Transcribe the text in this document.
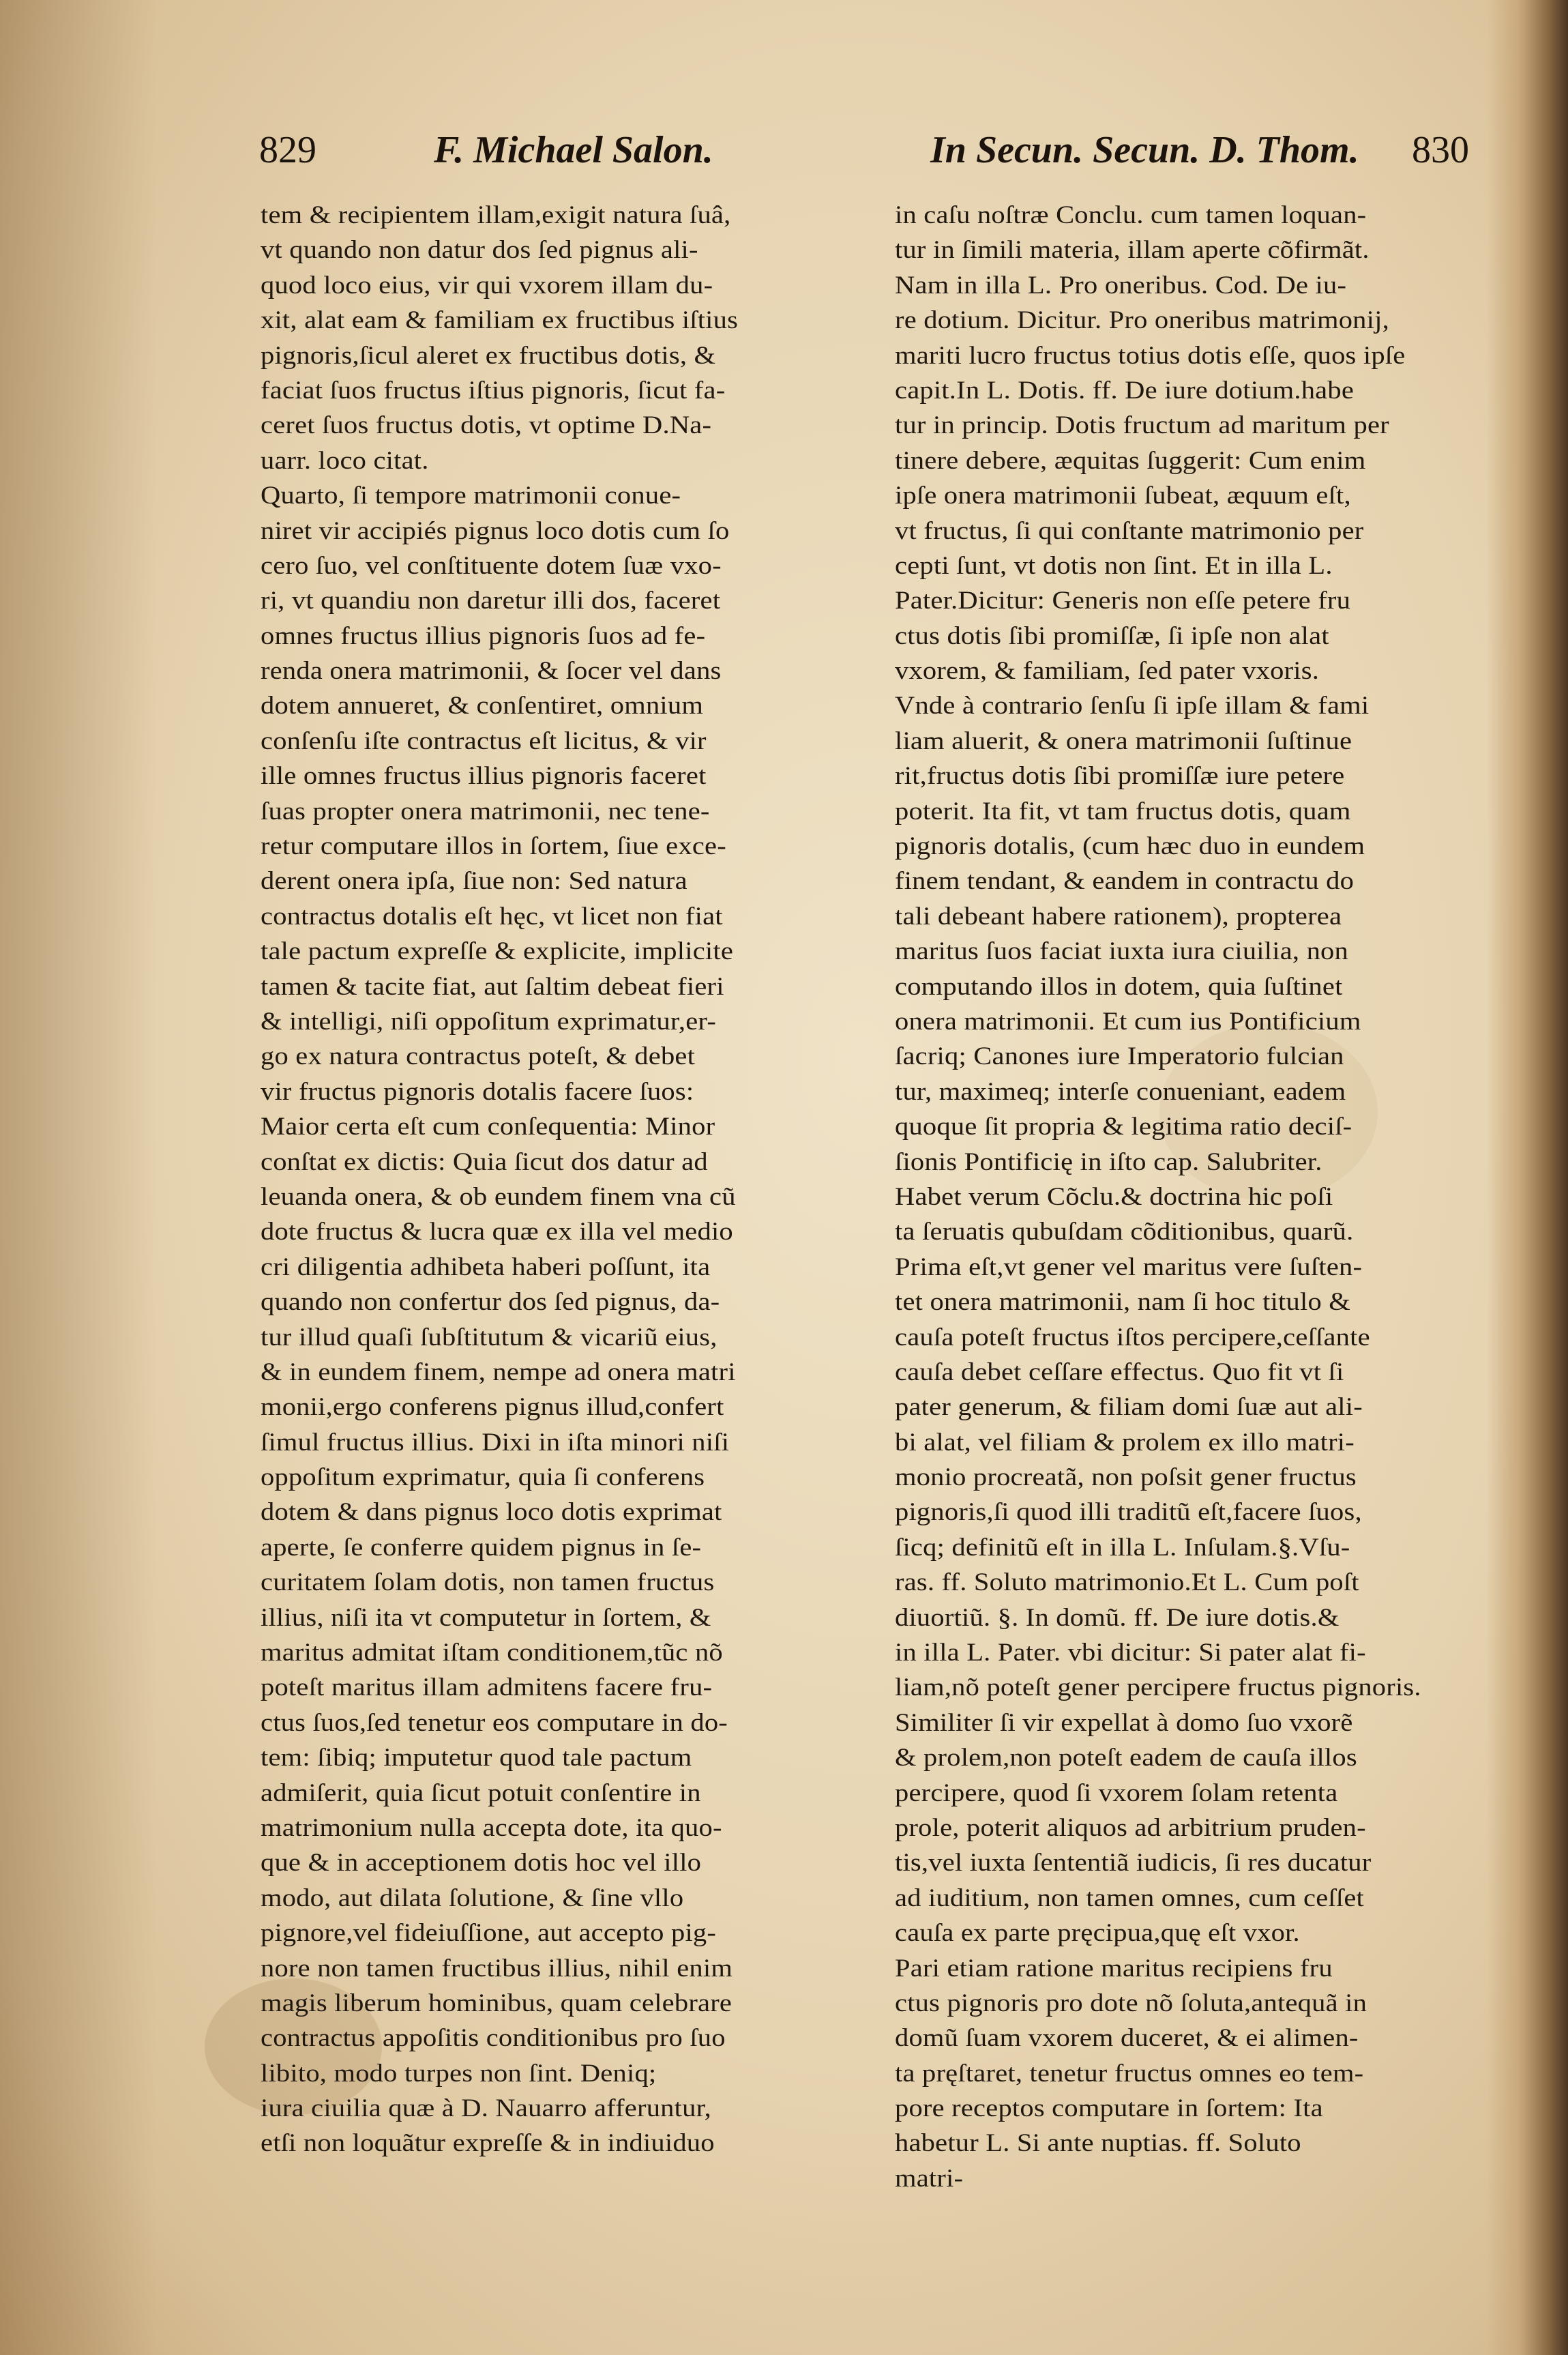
829	F. Michael Salon.	In Secun. Secun. D. Thom. 830
tem & recipientem illam,exigit natura ſuâ,
vt quando non datur dos ſed pignus ali-
quod loco eius, vir qui vxorem illam du-
xit, alat eam & familiam ex fructibus iſtius
pignoris,ſicul aleret ex fructibus dotis, &
faciat ſuos fructus iſtius pignoris, ſicut fa-
ceret ſuos fructus dotis, vt optime D.Na-
uarr. loco citat.
Quarto, ſi tempore matrimonii conue-
niret vir accipiés pignus loco dotis cum ſo
cero ſuo, vel conſtituente dotem ſuæ vxo-
ri, vt quandiu non daretur illi dos, faceret
omnes fructus illius pignoris ſuos ad fe-
renda onera matrimonii, & ſocer vel dans
dotem annueret, & conſentiret, omnium
conſenſu iſte contractus eſt licitus, & vir
ille omnes fructus illius pignoris faceret
ſuas propter onera matrimonii, nec tene-
retur computare illos in ſortem, ſiue exce-
derent onera ipſa, ſiue non: Sed natura
contractus dotalis eſt hęc, vt licet non fiat
tale pactum expreſſe & explicite, implicite
tamen & tacite fiat, aut ſaltim debeat fieri
& intelligi, niſi oppoſitum exprimatur,er-
go ex natura contractus poteſt, & debet
vir fructus pignoris dotalis facere ſuos:
Maior certa eſt cum conſequentia: Minor
conſtat ex dictis: Quia ſicut dos datur ad
leuanda onera, & ob eundem finem vna cũ
dote fructus & lucra quæ ex illa vel medio
cri diligentia adhibeta haberi poſſunt, ita
quando non confertur dos ſed pignus, da-
tur illud quaſi ſubſtitutum & vicariũ eius,
& in eundem finem, nempe ad onera matri
monii,ergo conferens pignus illud,confert
ſimul fructus illius. Dixi in iſta minori niſi
oppoſitum exprimatur, quia ſi conferens
dotem & dans pignus loco dotis exprimat
aperte, ſe conferre quidem pignus in ſe-
curitatem ſolam dotis, non tamen fructus
illius, niſi ita vt computetur in ſortem, &
maritus admitat iſtam conditionem,tũc nõ
poteſt maritus illam admitens facere fru-
ctus ſuos,ſed tenetur eos computare in do-
tem: ſibiq; imputetur quod tale pactum
admiſerit, quia ſicut potuit conſentire in
matrimonium nulla accepta dote, ita quo-
que & in acceptionem dotis hoc vel illo
modo, aut dilata ſolutione, & ſine vllo
pignore,vel fideiuſſione, aut accepto pig-
nore non tamen fructibus illius, nihil enim
magis liberum hominibus, quam celebrare
contractus appoſitis conditionibus pro ſuo
libito, modo turpes non ſint. Deniq;
iura ciuilia quæ à D. Nauarro afferuntur,
etſi non loquãtur expreſſe & in indiuiduo
in caſu noſtræ Conclu. cum tamen loquan-
tur in ſimili materia, illam aperte cõfirmãt.
Nam in illa L. Pro oneribus. Cod. De iu-
re dotium. Dicitur. Pro oneribus matrimonij,
mariti lucro fructus totius dotis eſſe, quos ipſe
capit.In L. Dotis. ff. De iure dotium.habe
tur in princip. Dotis fructum ad maritum per
tinere debere, æquitas ſuggerit: Cum enim
ipſe onera matrimonii ſubeat, æquum eſt,
vt fructus, ſi qui conſtante matrimonio per
cepti ſunt, vt dotis non ſint. Et in illa L.
Pater.Dicitur: Generis non eſſe petere fru
ctus dotis ſibi promiſſæ, ſi ipſe non alat
vxorem, & familiam, ſed pater vxoris.
Vnde à contrario ſenſu ſi ipſe illam & fami
liam aluerit, & onera matrimonii ſuſtinue
rit,fructus dotis ſibi promiſſæ iure petere
poterit. Ita fit, vt tam fructus dotis, quam
pignoris dotalis, (cum hæc duo in eundem
finem tendant, & eandem in contractu do
tali debeant habere rationem), propterea
maritus ſuos faciat iuxta iura ciuilia, non
computando illos in dotem, quia ſuſtinet
onera matrimonii. Et cum ius Pontificium
ſacriq; Canones iure Imperatorio fulcian
tur, maximeq; interſe conueniant, eadem
quoque ſit propria & legitima ratio deciſ-
ſionis Pontificię in iſto cap. Salubriter.
Habet verum Cõclu.& doctrina hic poſi
ta ſeruatis qubuſdam cõditionibus, quarũ.
Prima eſt,vt gener vel maritus vere ſuſten-
tet onera matrimonii, nam ſi hoc titulo &
cauſa poteſt fructus iſtos percipere,ceſſante
cauſa debet ceſſare effectus. Quo fit vt ſi
pater generum, & filiam domi ſuæ aut ali-
bi alat, vel filiam & prolem ex illo matri-
monio procreatã, non poſsit gener fructus
pignoris,ſi quod illi traditũ eſt,facere ſuos,
ſicq; definitũ eſt in illa L. Inſulam.§.Vſu-
ras. ff. Soluto matrimonio.Et L. Cum poſt
diuortiũ. §. In domũ. ff. De iure dotis.&
in illa L. Pater. vbi dicitur: Si pater alat fi-
liam,nõ poteſt gener percipere fructus pignoris.
Similiter ſi vir expellat à domo ſuo vxorẽ
& prolem,non poteſt eadem de cauſa illos
percipere, quod ſi vxorem ſolam retenta
prole, poterit aliquos ad arbitrium pruden-
tis,vel iuxta ſententiã iudicis, ſi res ducatur
ad iuditium, non tamen omnes, cum ceſſet
cauſa ex parte pręcipua,quę eſt vxor.
Pari etiam ratione maritus recipiens fru
ctus pignoris pro dote nõ ſoluta,antequã in
domũ ſuam vxorem duceret, & ei alimen-
ta pręſtaret, tenetur fructus omnes eo tem-
pore receptos computare in ſortem: Ita
habetur L. Si ante nuptias. ff. Soluto
matri-
